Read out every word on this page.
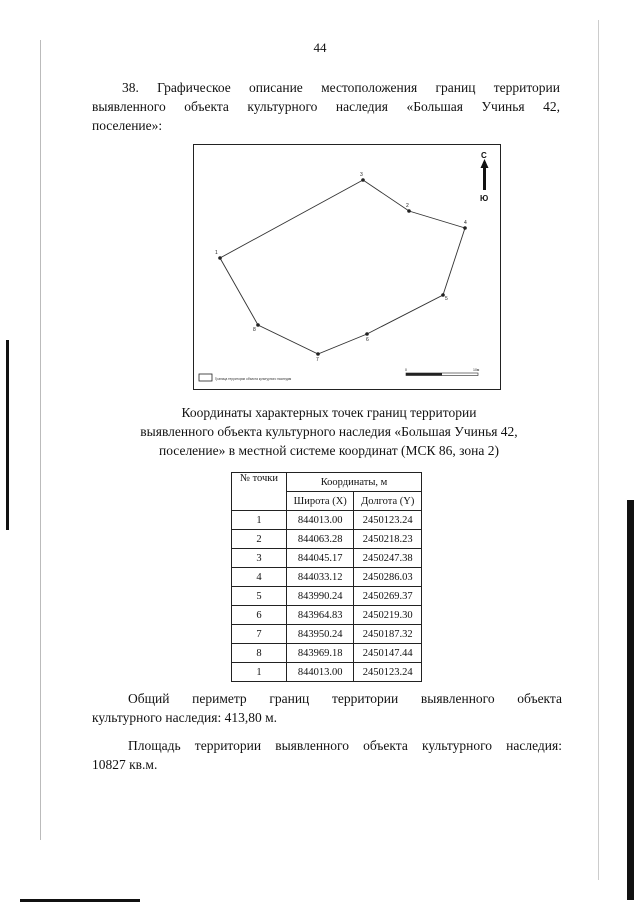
44
38. Графическое описание местоположения границ территории
выявленного объекта культурного наследия «Большая Учинья 42,
поселение»:
1
3
2
4
5
6
7
8
С
Ю
Граница территории объекта культурного наследия
0	10м
Координаты характерных точек границ территории
выявленного объекта культурного наследия «Большая Учинья 42,
поселение» в местной системе координат (МСК 86, зона 2)
№ точки	Координаты, м	
	Широта (X)	Долгота (Y)
1	844013.00	2450123.24
2	844063.28	2450218.23
3	844045.17	2450247.38
4	844033.12	2450286.03
5	843990.24	2450269.37
6	843964.83	2450219.30
7	843950.24	2450187.32
8	843969.18	2450147.44
1	844013.00	2450123.24
Общий периметр границ территории выявленного объекта
культурного наследия: 413,80 м.
Площадь территории выявленного объекта культурного наследия:
10827 кв.м.
